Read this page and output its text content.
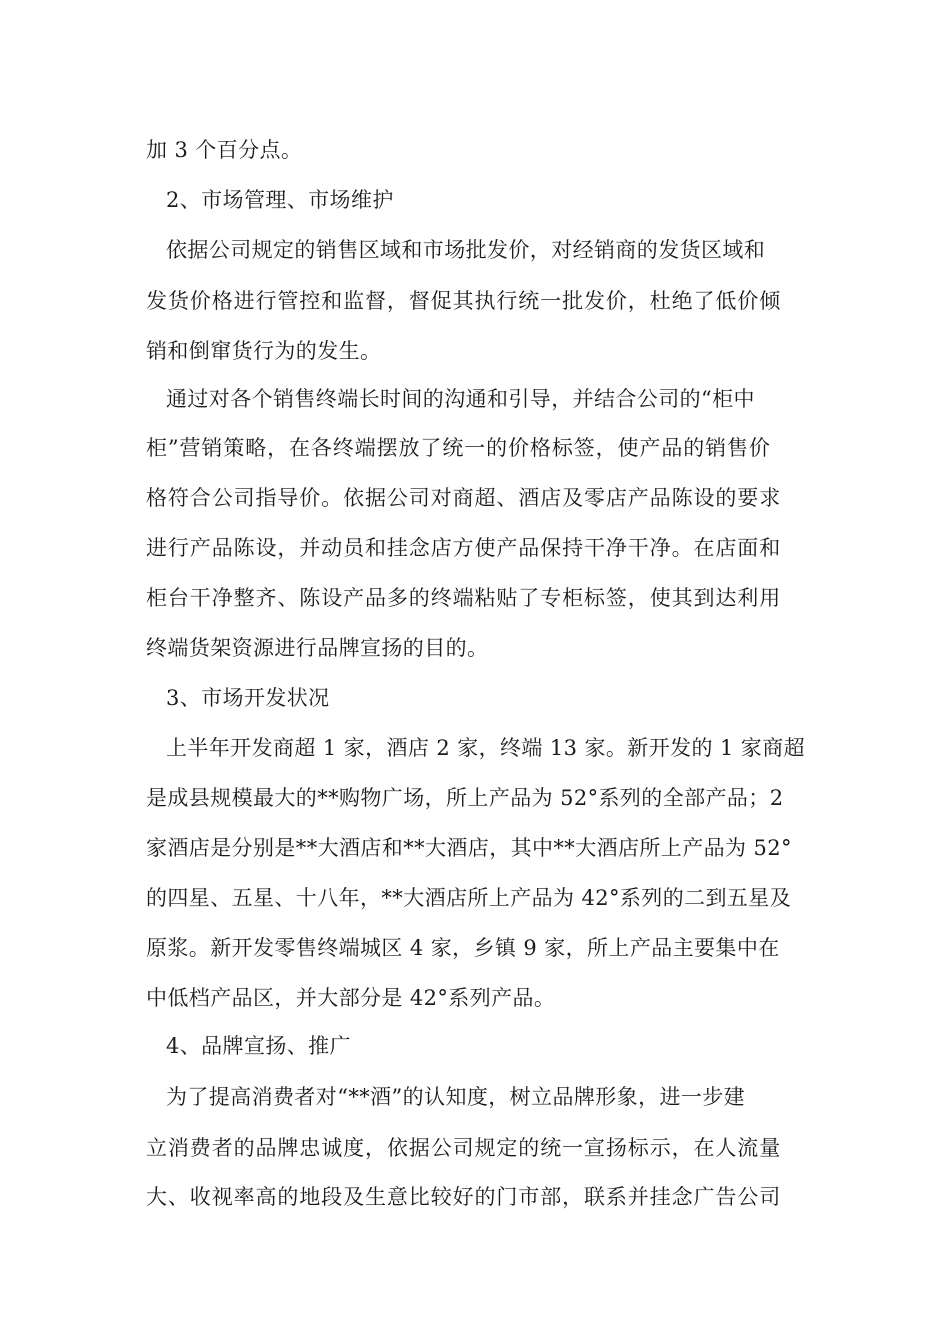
加 3 个百分点。
2、市场管理、市场维护
依据公司规定的销售区域和市场批发价，对经销商的发货区域和
发货价格进行管控和监督，督促其执行统一批发价，杜绝了低价倾
销和倒窜货行为的发生。
通过对各个销售终端长时间的沟通和引导，并结合公司的“柜中
柜”营销策略，在各终端摆放了统一的价格标签，使产品的销售价
格符合公司指导价。依据公司对商超、酒店及零店产品陈设的要求
进行产品陈设，并动员和挂念店方使产品保持干净干净。在店面和
柜台干净整齐、陈设产品多的终端粘贴了专柜标签，使其到达利用
终端货架资源进行品牌宣扬的目的。
3、市场开发状况
上半年开发商超 1 家，酒店 2 家，终端 13 家。新开发的 1 家商超
是成县规模最大的**购物广场，所上产品为 52°系列的全部产品；2
家酒店是分别是**大酒店和**大酒店，其中**大酒店所上产品为 52°
的四星、五星、十八年，**大酒店所上产品为 42°系列的二到五星及
原浆。新开发零售终端城区 4 家，乡镇 9 家，所上产品主要集中在
中低档产品区，并大部分是 42°系列产品。
4、品牌宣扬、推广
为了提高消费者对“**酒”的认知度，树立品牌形象，进一步建
立消费者的品牌忠诚度，依据公司规定的统一宣扬标示，在人流量
大、收视率高的地段及生意比较好的门市部，联系并挂念广告公司
